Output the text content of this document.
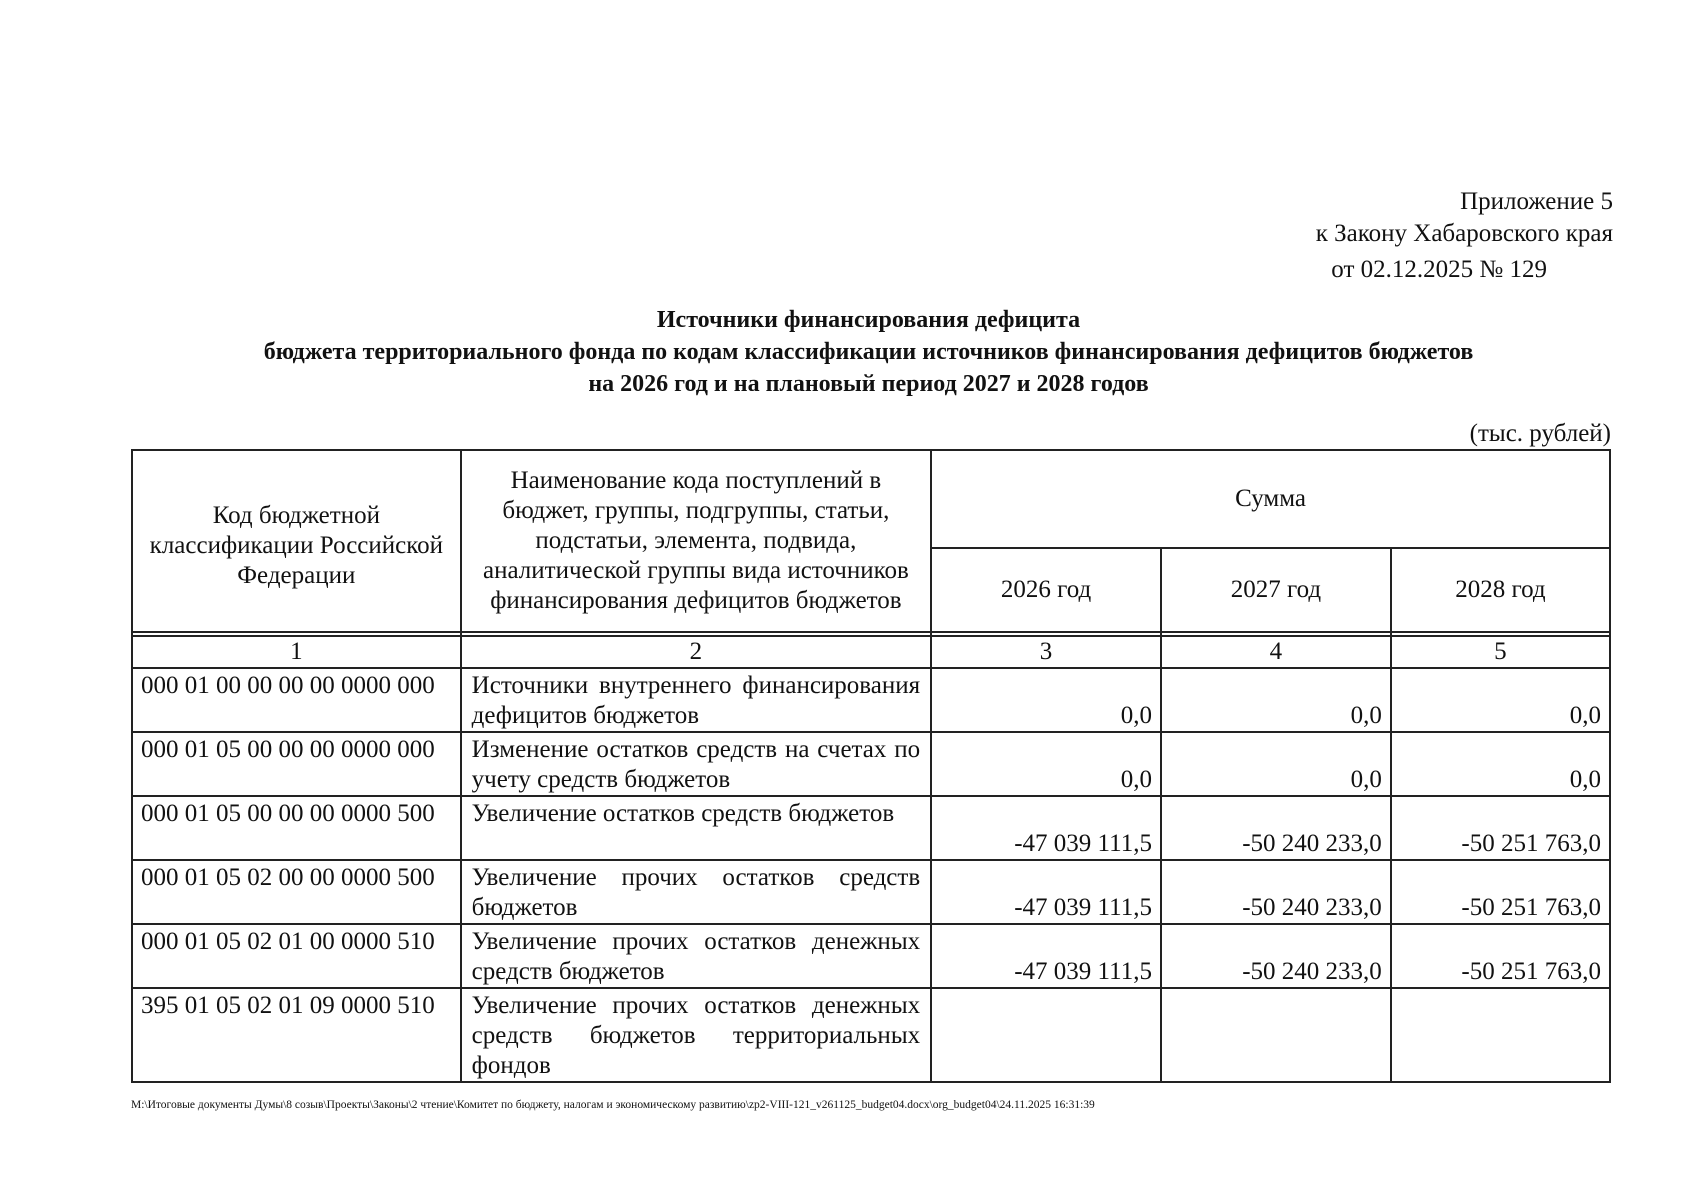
Приложение 5
к Закону Хабаровского края
от 02.12.2025 № 129
Источники финансирования дефицита
бюджета территориального фонда по кодам классификации источников финансирования дефицитов бюджетов
на 2026 год и на плановый период 2027 и 2028 годов
(тыс. рублей)
Код бюджетной классификации Российской Федерации	Наименование кода поступлений в бюджет, группы, подгруппы, статьи, подстатьи, элемента, подвида, аналитической группы вида источников финансирования дефицитов бюджетов	Сумма		
		2026 год	2027 год	2028 год

1	2	3	4	5
000 01 00 00 00 00 0000 000	Источники внутреннего финансирования дефицитов бюджетов	0,0	0,0	0,0
000 01 05 00 00 00 0000 000	Изменение остатков средств на счетах по учету средств бюджетов	0,0	0,0	0,0
000 01 05 00 00 00 0000 500	Увеличение остатков средств бюджетов	-47 039 111,5	-50 240 233,0	-50 251 763,0
000 01 05 02 00 00 0000 500	Увеличение прочих остатков средств бюджетов	-47 039 111,5	-50 240 233,0	-50 251 763,0
000 01 05 02 01 00 0000 510	Увеличение прочих остатков денежных средств бюджетов	-47 039 111,5	-50 240 233,0	-50 251 763,0
395 01 05 02 01 09 0000 510	Увеличение прочих остатков денежных средств бюджетов территориальных фондов			
M:\Итоговые документы Думы\8 созыв\Проекты\Законы\2 чтение\Комитет по бюджету, налогам и экономическому развитию\zp2-VIII-121_v261125_budget04.docx\org_budget04\24.11.2025 16:31:39
